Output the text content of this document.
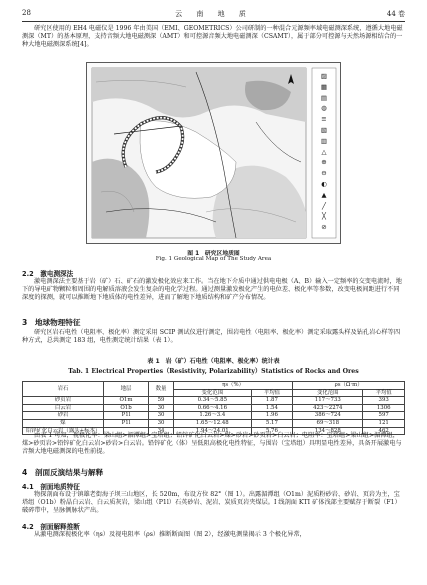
28	云 南 地 质	44 卷
研究区使用的 EH4 电磁仪是 1996 年由美国（EMI、GEOMETRICS）公司研制的一种混合元源频率域电磁测深系统，遵循大地电磁测深（MT）的基本原理，支持音频大地电磁测深（AMT）和可控源音频大地电磁测深（CSAMT），属于部分可控源与天然场源相结合的一种大地电磁测深系统[4]。
▨
▦
▤
◍
≡
▧
▥
△
⊕
⊖
◐
▲
╱
╳
⊘
图 1　研究区地质图
Fig. 1 Geological Map of The Study Area
2.2　激电测深法
激电测深法主要基于岩（矿）石、矿石的激发极化效应来工作。当在地下介质中通过供电电极（A、B）输入一定频率的交变电流时，地下的导电矿物颗粒和周围的电解质溶液会发生复杂的电化学过程。通过测量激发极化产生的电位差、极化率等参数，改变电极间距进行不同深度的探测，就可以推断地下地质体的电性差异，进而了解地下地质结构和矿产分布情况。
3　地球物理特征
研究区岩石电性（电阻率、极化率）测定采用 SCIP 测试仪进行测定，围岩电性（电阻率、极化率）测定采取露头样及钻孔岩心样等四种方式，总共测定 183 组，电性测定统计结果（表 1）。
表 1　岩（矿）石电性（电阻率、极化率）统计表
Tab. 1 Electrical Properties（Resistivity, Polarizability）Statistics of Rocks and Ores
岩石	地层	数量	ηs（%）		ρs（Ω·m）	
			变化范围	平均值	变化范围	平均值
砂页岩	O1m	59	0.34～5.85	1.87	117～733	393
白云岩	O1b	30	0.66～4.16	1.54	423～2274	1306
砂岩	P1l	30	1.26～3.4	1.96	386～724	597
煤	P1l	30	1.65～12.48	5.17	69～318	121
铅锌矿化白云岩（露头+标本）		34	1.94～24.01	5.76	134～828	462
由表 1 可知，视极化率：梁山组>湄潭组>宝塔组；铅锌矿化白云岩>煤>砂岩>砂页岩>白云岩；电阻率：宝塔组>梁山组>湄潭组，煤>砂页岩>铅锌矿化白云岩>砂岩>白云岩。铅锌矿化（体）呈低阻高极化电性特征，与围岩（宝塔组）具明显电性差异，具备开展激电与音频大地电磁测深的电性前提。
4　剖面反演结果与解释
4.1　剖面地质特征
物探剖面布设于镇雄老街海子坝三山地区，长 520m，布设方位 82°（图 1）。出露湄潭组（O1m）泥质粉砂岩、砂岩、页岩为主，宝塔组（O1b）粉晶白云岩、白云质灰岩，梁山组（P1l）石英砂岩、泥岩、炭质页岩夹煤层。I 线剖面 KTI 矿体浅部主要赋存于断裂（F1）破碎带中，呈脉侧脉状产出。
4.2　剖面解释推断
从激电测深视极化率（ηs）及视电阻率（ρs）推断断面图（图 2），经激电测量揭示 3 个极化异常，
